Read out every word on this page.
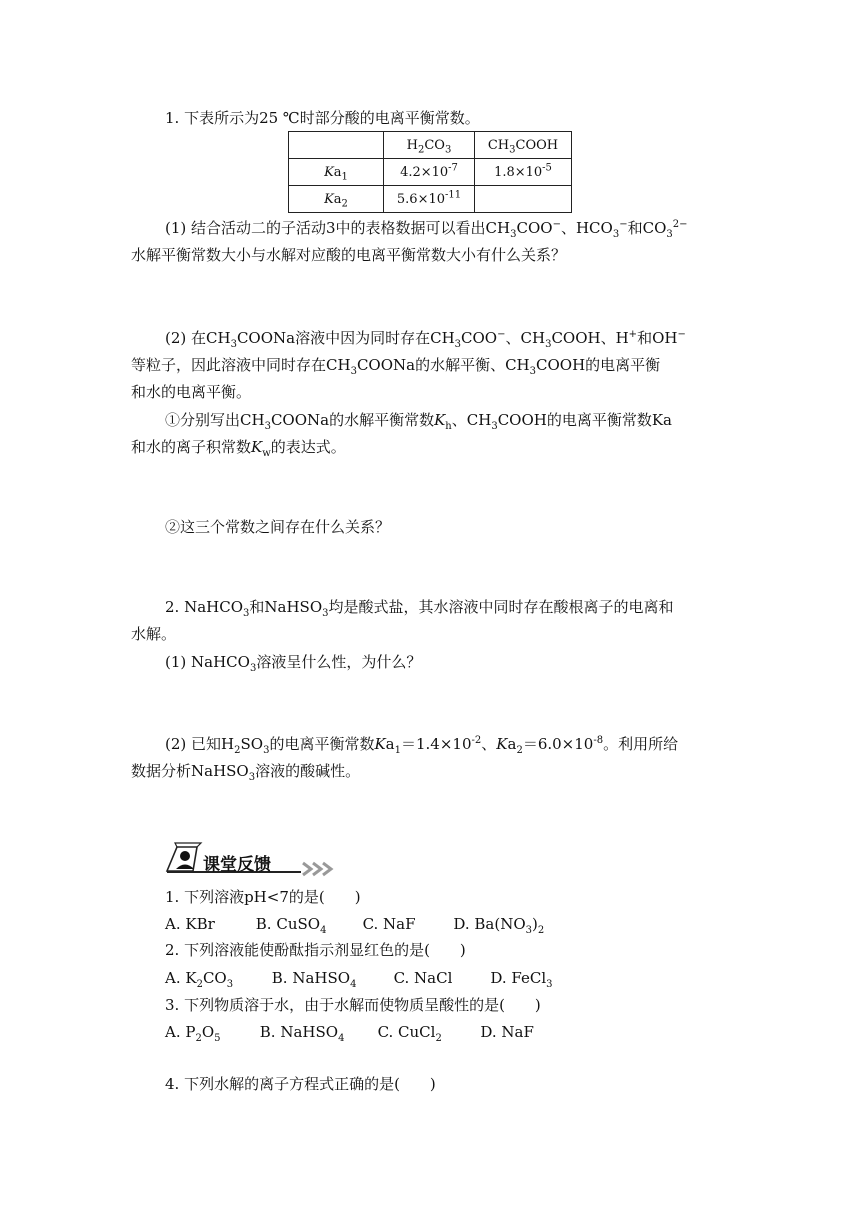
1. 下表所示为25 ℃时部分酸的电离平衡常数。
	$H_2CO_3$	$CH_3COOH$
$Ka_1$	$4.2\times 10^{-7}$	$1.8\times 10^{-5}$
$Ka_2$	$5.6\times 10^{-11}$	
(1) 结合活动二的子活动3中的表格数据可以看出$CH_3COO^-$、$HCO_3^-$和$CO_3^{2-}$
水解平衡常数大小与水解对应酸的电离平衡常数大小有什么关系？
(2) 在$CH_3COONa$溶液中因为同时存在$CH_3COO^-$、$CH_3COOH$、H+和OH−
等粒子，因此溶液中同时存在$CH_3COONa$的水解平衡、$CH_3COOH$的电离平衡
和水的电离平衡。
①分别写出$CH_3COONa$的水解平衡常数$K_h$、$CH_3COOH$的电离平衡常数Ka
和水的离子积常数$K_w$的表达式。
②这三个常数之间存在什么关系？
2. NaHCO$_3$和NaHSO$_3$均是酸式盐，其水溶液中同时存在酸根离子的电离和
水解。
(1) NaHCO$_3$溶液呈什么性，为什么？
(2) 已知$H_2SO_3$的电离平衡常数$Ka_1=1.4\times 10^{-2}$、$Ka_2=6.0\times 10^{-8}$。利用所给
数据分析NaHSO$_3$溶液的酸碱性。
课堂反馈
1. 下列溶液pH<7的是(　　)
A. KBr	B. CuSO$_4$ C. NaF	D. $Ba(NO_3)_2$
2. 下列溶液能使酚酞指示剂显红色的是(　　)
A. $K_2CO_3$	B. NaHSO$_4$ C. NaCl	D. FeCl$_3$
3. 下列物质溶于水，由于水解而使物质呈酸性的是(　　)
A. $P_2O_5$	B. NaHSO$_4$ C. CuCl$_2$	D. NaF
4. 下列水解的离子方程式正确的是(　　)
